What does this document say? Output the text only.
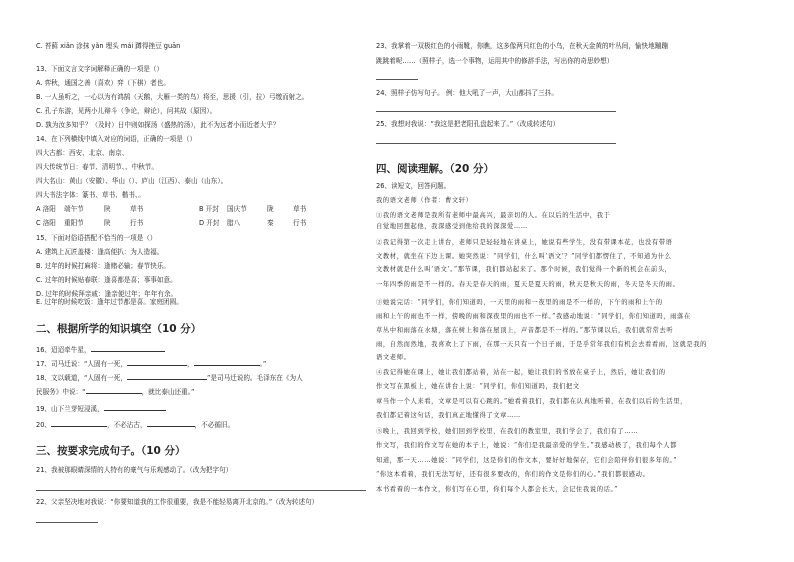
C. 苔藓 xiǎn 涂抹 yǎn 埋头 mái 蹲得挫豆 guān
13、下面文言文字词解释正确的一项是（）
A. 弈秋，通国之善（喜欢）弈（下棋）者也。
B. 一人虽听之，一心以为有鸿鹄（天鹅，大雁一类的鸟）将至，思援（引，拉）弓缴而射之。
C. 孔子东游，见两小儿辩斗（争论，辩论），问其故（原因）。
D. 孰为汝多知乎？（及时）日中则如探汤（盛热的汤），此不为远者小而近者大乎？
14、在下列横线中填入对应的词语，正确的一项是（）
四大古都：西安、北京、南京、
四大传统节日：春节、清明节、、中秋节。
四大名山：黄山（安徽）、华山（）、庐山（江西）、泰山（山东）。
四大书法字体：篆书、草书、楷书、。
A 洛阳 端午节	陕	草书	B 开封 国庆节	陇	草书
C 洛阳 重阳节	陕	行书	D 开封 腊八	秦	行书
15、下面对俗语搭配不恰当的一项是（）
A. 建筑上瓦匠盖楼：逢高便扒：为人造福。
B. 过年的时候打麻将：逢赌必输；春节快乐。
C. 过年的时候贴春联：逢喜都是喜；事事如意。
D. 过年的时候拜亲戚：逢亲便过年；年年有余。
E. 过年的时候吃饭：逢年过节都是喜。家庭团圆。
二、根据所学的知识填空（10 分）
16、迢迢牵牛星，
17、司马迁说：“人固有一死，	，	。”
18、文以载道，“人固有一死，	”是司马迁说的。毛泽东在《为人
民服务》中说：“	，就比泰山还重。”
19、山下兰芽短浸溪，
20、	，不必沾古，	，不必循旧。
三、按要求完成句子。（10 分）
21、我被那眼睛深情的人特有的豪气与乐观感动了。（改为把字句）
22、父亲坚决地对我说：“你要知道我的工作很重要，我是不能轻易离开北京的。”（改为转述句）
23、我掌着一双极红色的小雨靴，你瞧，这多像两只红色的小鸟，在秋天金黄的叶丛间，愉快地蹦蹦
跳跳着呢……（照样子，选一个事物，运用其中的修辞手法，写出你的奇思妙想）
24、照样子仿写句子。 例：他大吼了一声，大山都抖了三抖。
25、我想对我说：“我这是把老阳孔盘起来了。”（改成转述句）
四、阅读理解。（20 分）
26、读短文，回答问题。
我的语文老师（作者：曹文轩）
①我的语文老师是我所有老师中最高兴，最亲切的人。在以后的生活中，我于
自觉地回想起他，我深感受到他给我的深深爱……
②我记得第一次走上讲台，老师只是轻轻地在讲桌上，她说有些学生，没有带课本花，也没有带语
文教材，就坐在下边上课。她突然说：“同学们，什么叫‘语文’？”同学们都愣住了，不知道为什么
文教材就是什么叫‘语文’。”那节课，我们都站起来了。那个时候，我们觉得一个新的机会在前头，
一年四季的雨是不一样的。春天是春天的雨，夏天是夏天的雨，秋天是秋天的雨，冬天是冬天的雨。
③她说完话：“同学们，你们知道吗，一天里的雨和一夜里的雨是不一样的，下午的雨和上午的
雨和上午的雨也不一样，傍晚的雨和深夜里的雨也不一样。”我感动地说：“同学们，你们知道吗，雨落在
草丛中和雨落在水塘，落在树上和落在屋顶上，声音都是不一样的。”那节课以后，我们就常常去听
雨，自然而然地，我喜欢上了下雨，在那一天只有一个日子雨，于是乎常年我们有机会去看看雨，这就是我的
语文老师。
④我记得她在课上，她让我们都站着，站在一起，她让我们的书放在桌子上，然后，她让我们的
作文写在黑板上，她在讲台上说：“同学们，你们知道吗，我们把文
章当作一个人来看，文章是可以有心跳的。”她看着我们，我们都在认真地听着，在我们以后的生活里，
我们都记着这句话，我们真正地懂得了文章……
⑤晚上，我回到学校，她们回到学校里，在我们的教室里，我们学会了，我们有了……
作文写，我们的作文写在她的本子上，她说：“你们是我最亲爱的学生。”我感动极了，我们每个人都
知道，那一天……她说：“同学们，这是你们的作文本，要好好地保存，它们会陪伴你们很多年的。”
“你这本看着，我们无法写好，还有很多要改的，你们的作文是你们的心。”我们都很感动。
本书看着的一本作文，你们写在心里，你们每个人都会长大，会记住我说的话。”
